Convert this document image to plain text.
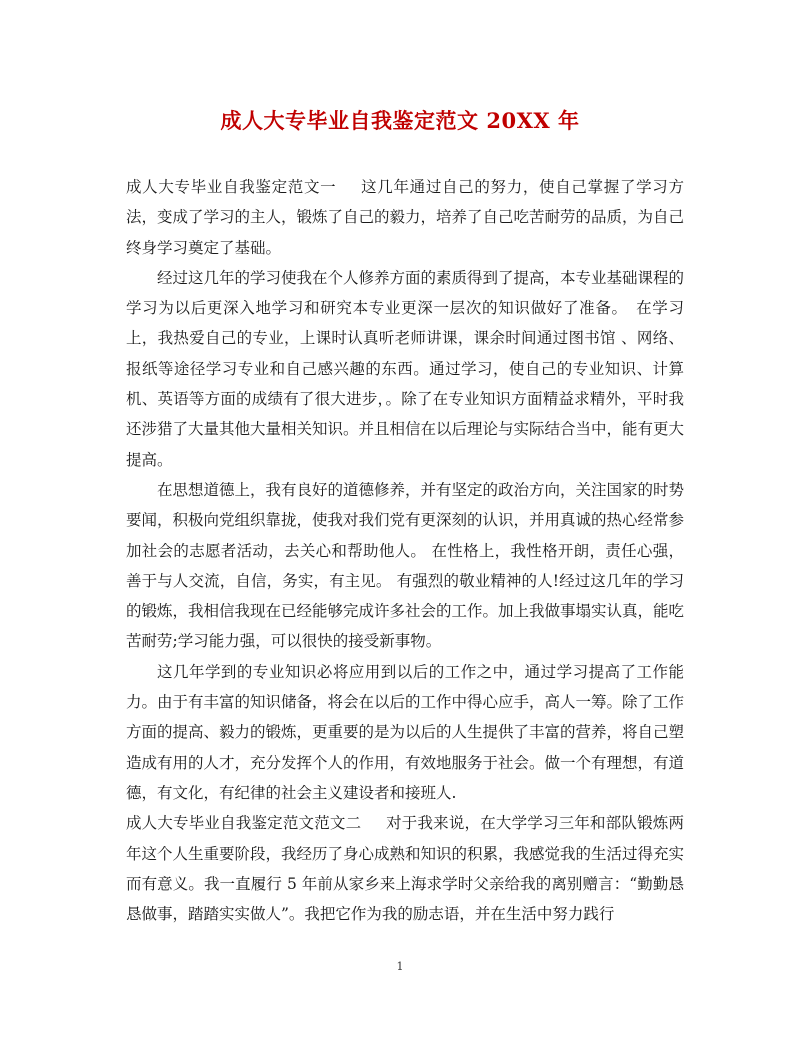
成人大专毕业自我鉴定范文 20XX 年

成人大专毕业自我鉴定范文一 这几年通过自己的努力，使自己掌握了学习方法，变成了学习的主人，锻炼了自己的毅力，培养了自己吃苦耐劳的品质，为自己终身学习奠定了基础。

经过这几年的学习使我在个人修养方面的素质得到了提高，本专业基础课程的学习为以后更深入地学习和研究本专业更深一层次的知识做好了准备。　在学习上，我热爱自己的专业，上课时认真听老师讲课，课余时间通过图书馆 、网络、报纸等途径学习专业和自己感兴趣的东西。通过学习，使自己的专业知识、计算机、英语等方面的成绩有了很大进步，。除了在专业知识方面精益求精外，平时我还涉猎了大量其他大量相关知识。并且相信在以后理论与实际结合当中，能有更大提高。

在思想道德上，我有良好的道德修养，并有坚定的政治方向，关注国家的时势要闻，积极向党组织靠拢，使我对我们党有更深刻的认识，并用真诚的热心经常参加社会的志愿者活动，去关心和帮助他人。 在性格上，我性格开朗，责任心强，善于与人交流，自信，务实，有主见。 有强烈的敬业精神的人!经过这几年的学习的锻炼，我相信我现在已经能够完成许多社会的工作。加上我做事塌实认真，能吃苦耐劳;学习能力强，可以很快的接受新事物。

这几年学到的专业知识必将应用到以后的工作之中，通过学习提高了工作能力。由于有丰富的知识储备，将会在以后的工作中得心应手，高人一筹。除了工作方面的提高、毅力的锻炼，更重要的是为以后的人生提供了丰富的营养，将自己塑造成有用的人才，充分发挥个人的作用，有效地服务于社会。做一个有理想，有道德，有文化，有纪律的社会主义建设者和接班人.

成人大专毕业自我鉴定范文范文二 对于我来说，在大学学习三年和部队锻炼两年这个人生重要阶段，我经历了身心成熟和知识的积累，我感觉我的生活过得充实而有意义。我一直履行 5 年前从家乡来上海求学时父亲给我的离别赠言：“勤勤恳恳做事，踏踏实实做人”。我把它作为我的励志语，并在生活中努力践行

1
